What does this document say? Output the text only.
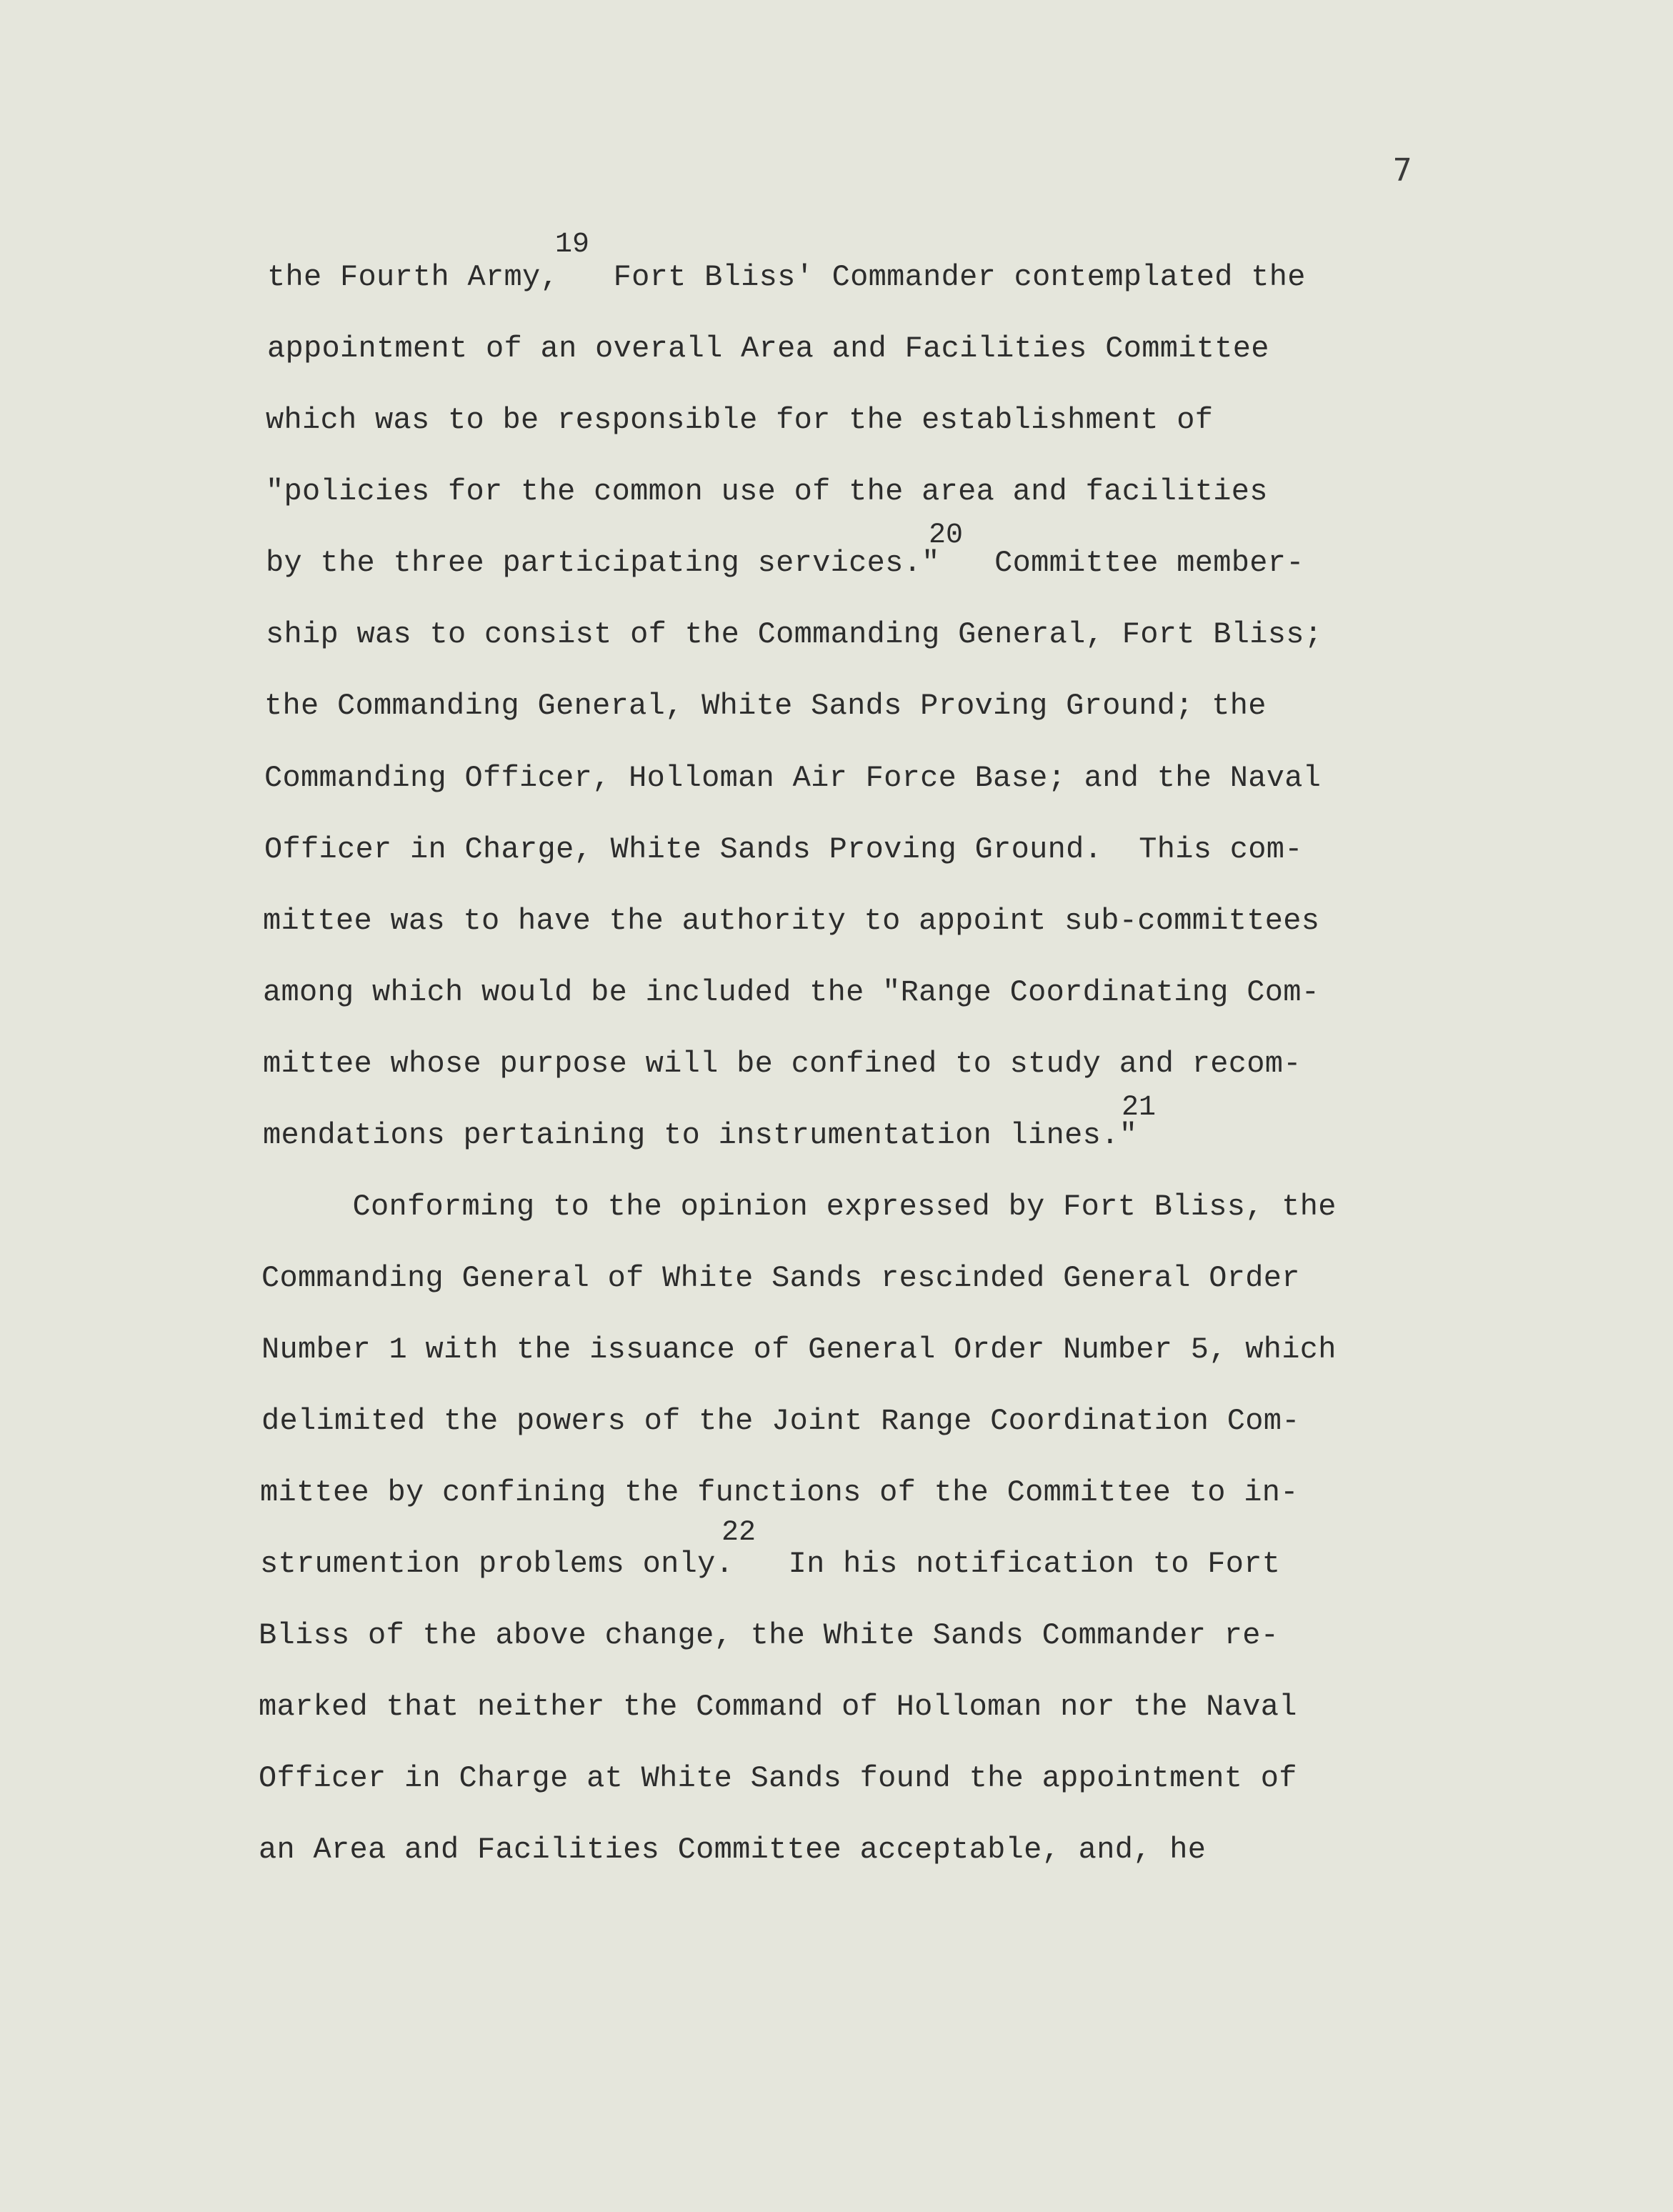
7
the Fourth Army,   Fort Bliss' Commander contemplated the
appointment of an overall Area and Facilities Committee
which was to be responsible for the establishment of
"policies for the common use of the area and facilities
by the three participating services."   Committee member-
ship was to consist of the Commanding General, Fort Bliss;
the Commanding General, White Sands Proving Ground; the
Commanding Officer, Holloman Air Force Base; and the Naval
Officer in Charge, White Sands Proving Ground.  This com-
mittee was to have the authority to appoint sub-committees
among which would be included the "Range Coordinating Com-
mittee whose purpose will be confined to study and recom-
mendations pertaining to instrumentation lines."
Conforming to the opinion expressed by Fort Bliss, the
Commanding General of White Sands rescinded General Order
Number 1 with the issuance of General Order Number 5, which
delimited the powers of the Joint Range Coordination Com-
mittee by confining the functions of the Committee to in-
strumention problems only.   In his notification to Fort
Bliss of the above change, the White Sands Commander re-
marked that neither the Command of Holloman nor the Naval
Officer in Charge at White Sands found the appointment of
an Area and Facilities Committee acceptable, and, he
19
20
21
22
